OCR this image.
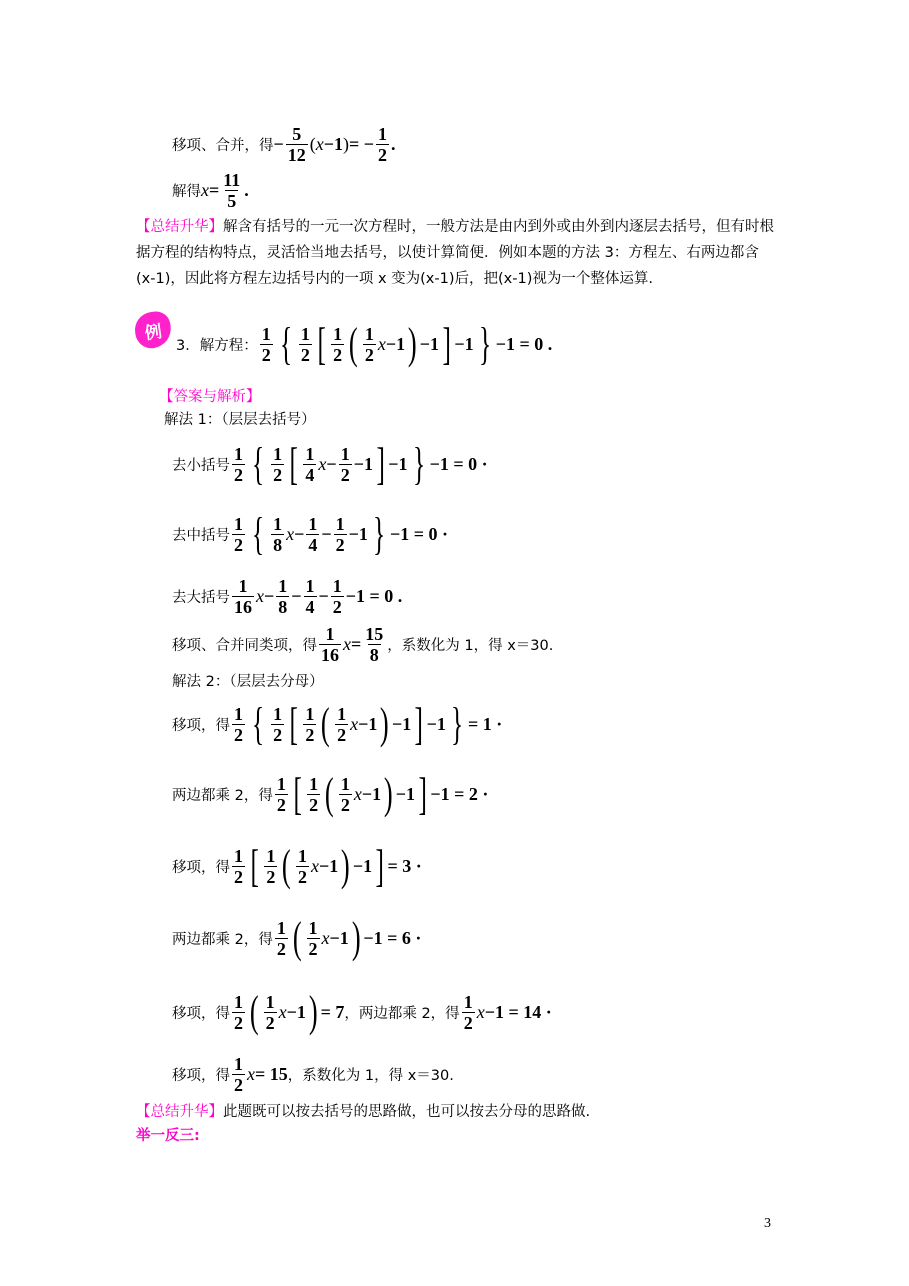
移项、合并，得 − $\frac{5}{12}$ ( x −1 ) = − $\frac{1}{2}$ .
解得 $x = \frac{11}{5}$ .
【总结升华】解含有括号的一元一次方程时，一般方法是由内到外或由外到内逐层去括号，但有时根据方程的结构特点，灵活恰当地去括号，以使计算简便．例如本题的方法 3：方程左、右两边都含(x-1)，因此将方程左边括号内的一项 x 变为(x-1)后，把(x-1)视为一个整体运算.
例
3．解方程： $\frac{1}{2}$ { $\frac{1}{2}$ [ $\frac{1}{2}$ ( $\frac{1}{2}$ x −1 ) −1 ] −1 } −1 = 0 .
【答案与解析】
解法 1：（层层去括号）
去小括号 $\frac{1}{2}$ { $\frac{1}{2}$ [ $\frac{1}{4}$ $x - \frac{1}{2} -1$ ] −1 } −1 = 0 ·
去中括号 $\frac{1}{2}$ { $\frac{1}{8}$ $x - \frac{1}{4} - \frac{1}{2} -1$ } −1 = 0 ·
去大括号 $\frac{1}{16}$ $x - \frac{1}{8} - \frac{1}{4} - \frac{1}{2} -1 = 0$ .
移项、合并同类项，得 $\frac{1}{16}$ $x = \frac{15}{8}$ ，系数化为 1，得 x＝30.
解法 2：（层层去分母）
移项，得 $\frac{1}{2}$ { $\frac{1}{2}$ [ $\frac{1}{2}$ ( $\frac{1}{2}$ x −1 ) −1 ] −1 } = 1 ·
两边都乘 2，得 $\frac{1}{2}$ [ $\frac{1}{2}$ ( $\frac{1}{2}$ x −1 ) −1 ] −1 = 2 ·
移项，得 $\frac{1}{2}$ [ $\frac{1}{2}$ ( $\frac{1}{2}$ x −1 ) −1 ] = 3 ·
两边都乘 2，得 $\frac{1}{2}$ ( $\frac{1}{2}$ x −1 ) −1 = 6 ·
移项，得 $\frac{1}{2}$ ( $\frac{1}{2}$ x −1 ) = 7 ，两边都乘 2，得 $\frac{1}{2}$ x −1 = 14 ·
移项，得 $\frac{1}{2}$ x = 15 ，系数化为 1，得 x＝30.
【总结升华】此题既可以按去括号的思路做，也可以按去分母的思路做.
举一反三:
3
